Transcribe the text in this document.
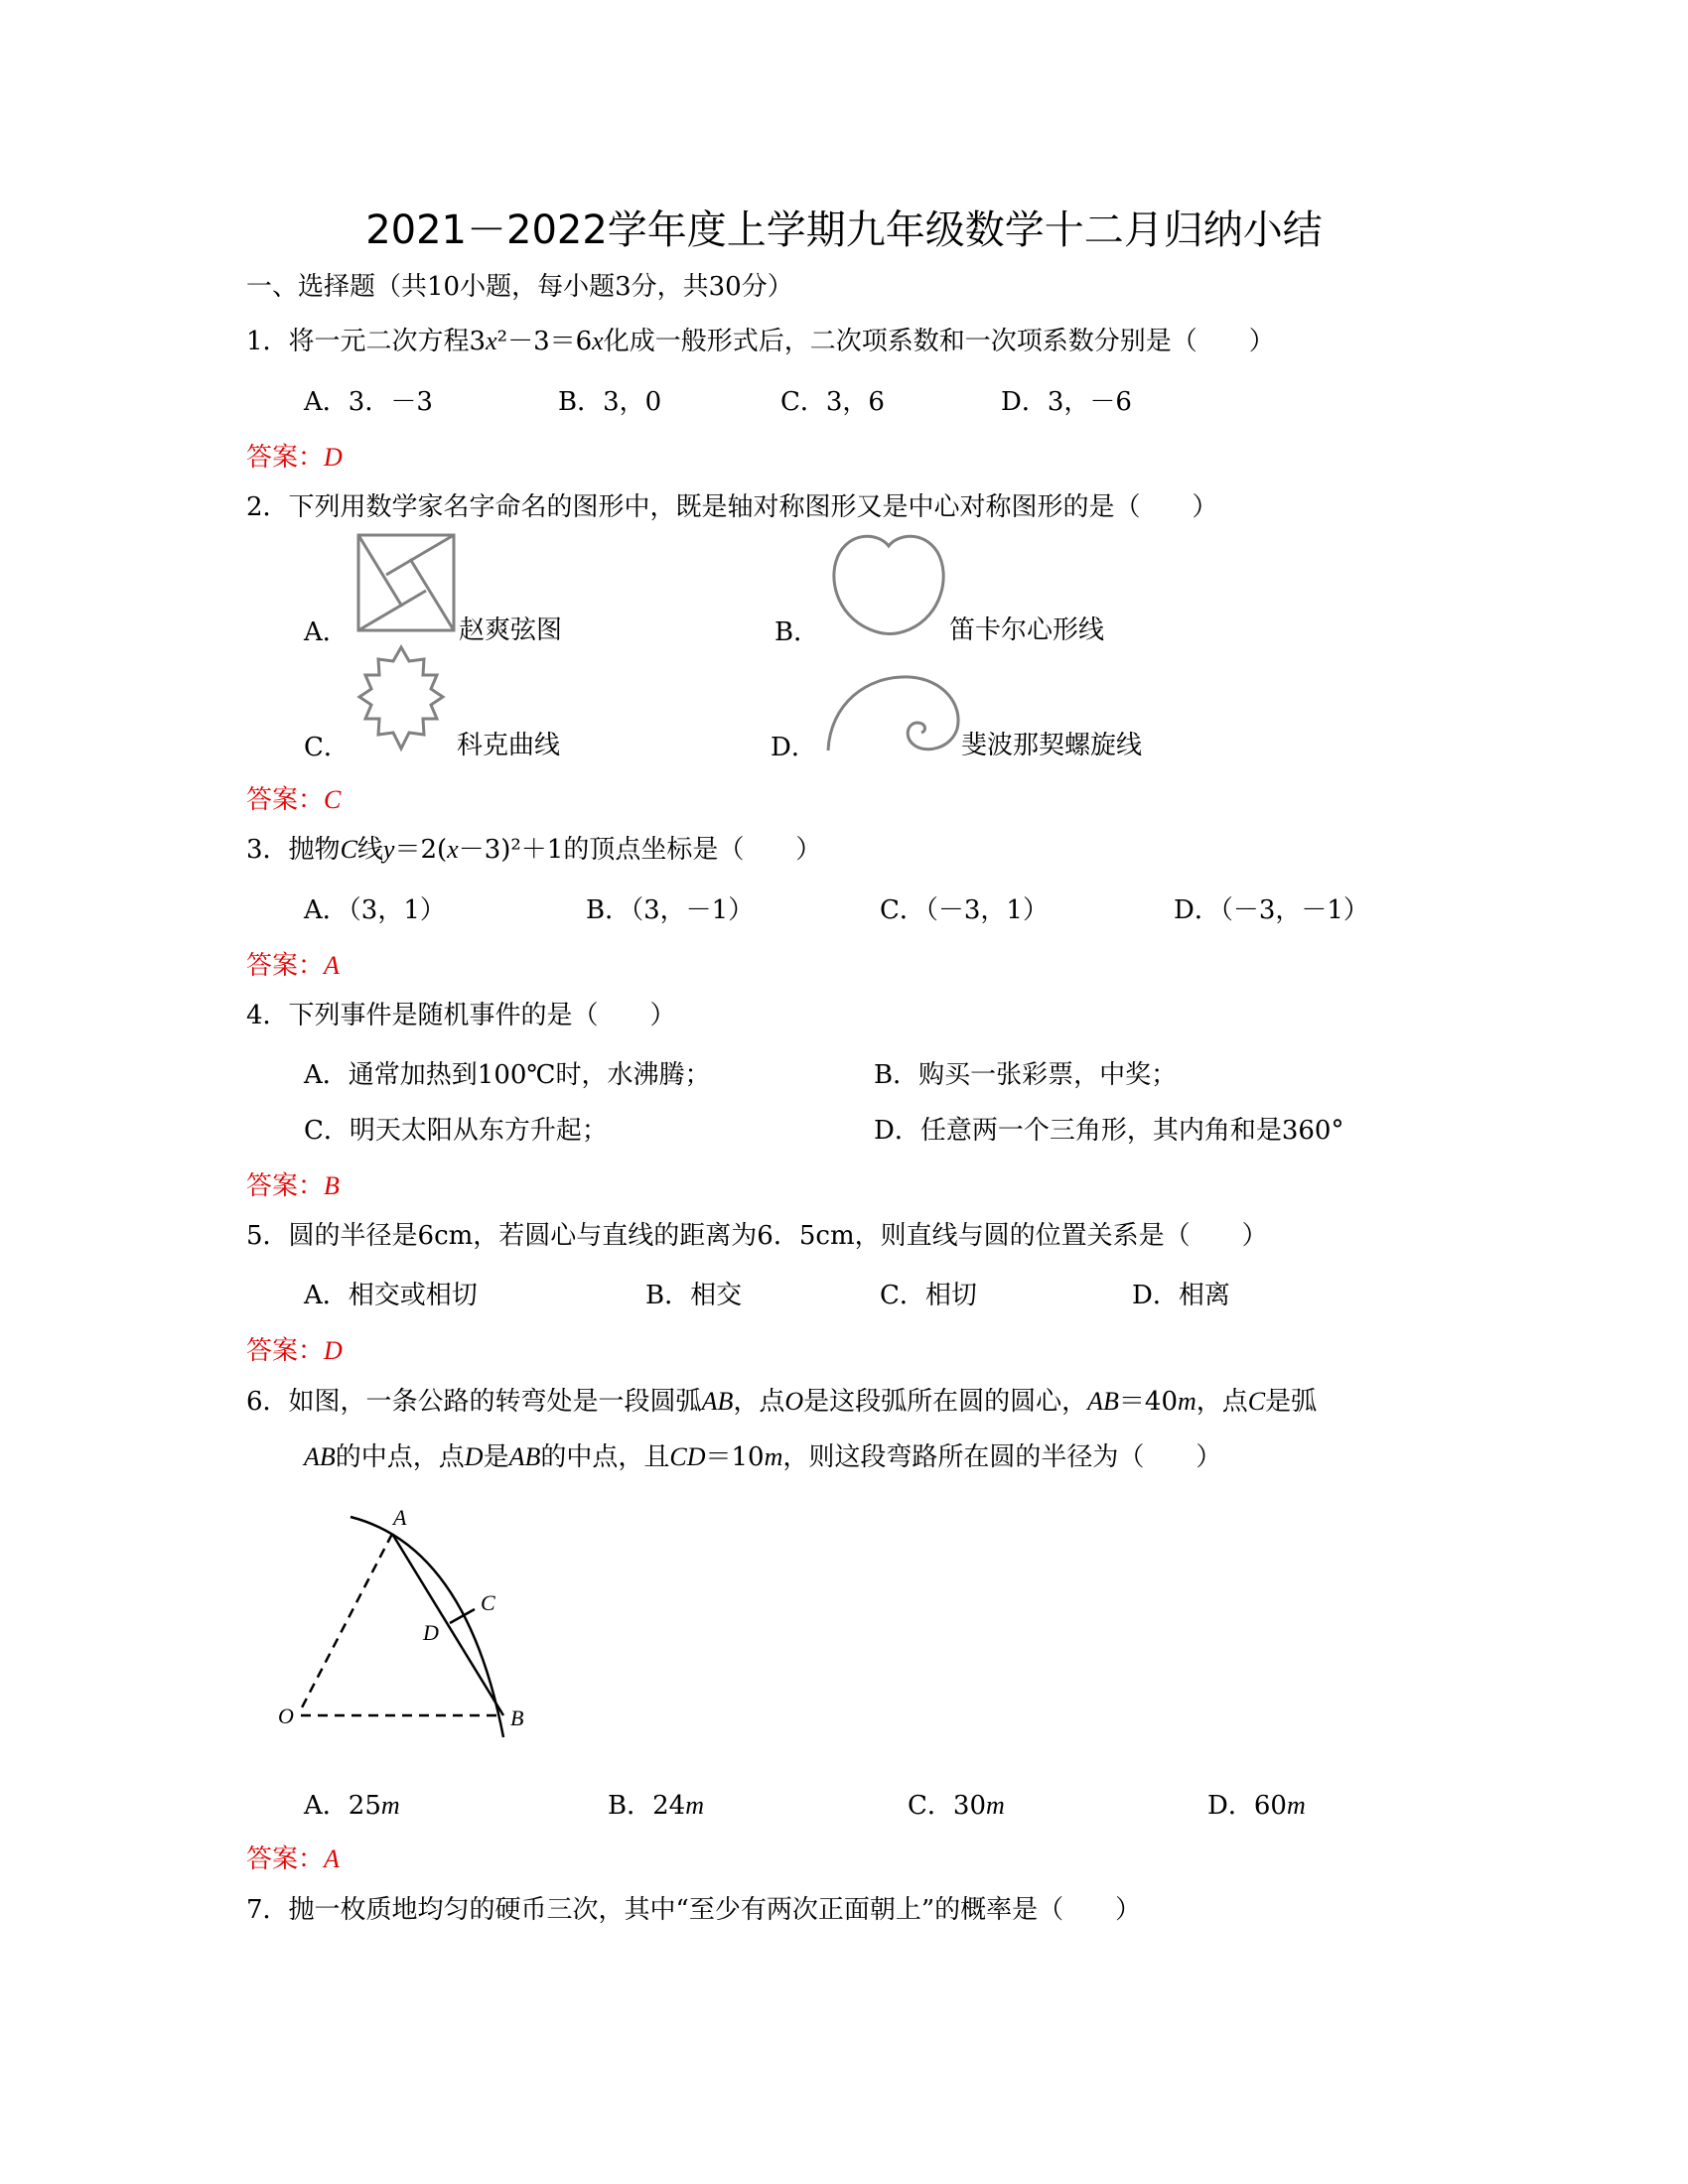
2021－2022学年度上学期九年级数学十二月归纳小结
一、选择题（共10小题，每小题3分，共30分）
1．将一元二次方程3x²－3＝6x化成一般形式后，二次项系数和一次项系数分别是（　　）
A．3．－3	B．3，0	C．3，6	D．3，－6
答案：D
2．下列用数学家名字命名的图形中，既是轴对称图形又是中心对称图形的是（　　）
A．	赵爽弦图	B．	笛卡尔心形线
C．	科克曲线	D．	斐波那契螺旋线
答案：C
3．抛物C线y＝2(x－3)²＋1的顶点坐标是（　　）
A．（3，1）	B．（3，－1）	C．（－3，1）	D．（－3，－1）
答案：A
4．下列事件是随机事件的是（　　）
A．通常加热到100℃时，水沸腾；	B．购买一张彩票，中奖；
C．明天太阳从东方升起；	D．任意两一个三角形，其内角和是360°
答案：B
5．圆的半径是6cm，若圆心与直线的距离为6．5cm，则直线与圆的位置关系是（　　）
A．相交或相切	B．相交	C．相切	D．相离
答案：D
6．如图，一条公路的转弯处是一段圆弧AB，点O是这段弧所在圆的圆心，AB＝40m，点C是弧
AB的中点，点D是AB的中点，且CD＝10m，则这段弯路所在圆的半径为（　　）
A
C
D
O	B
A．25m	B．24m	C．30m	D．60m
答案：A
7．抛一枚质地均匀的硬币三次，其中“至少有两次正面朝上”的概率是（　　）
